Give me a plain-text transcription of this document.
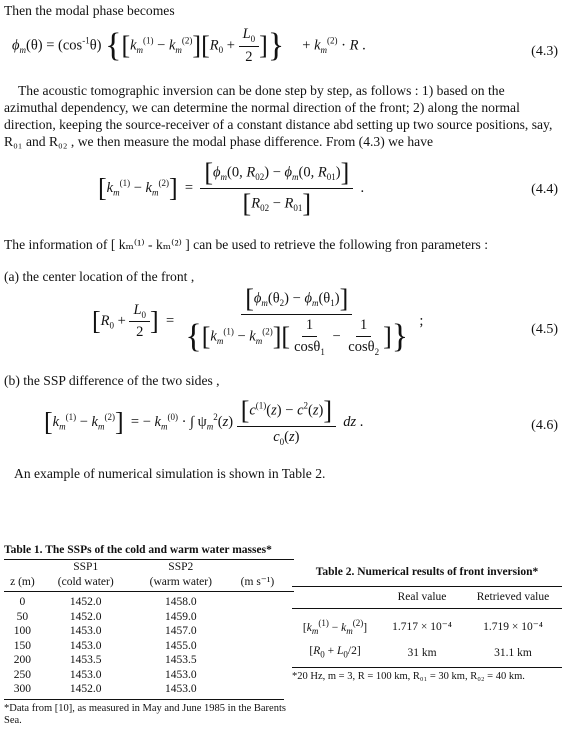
Then the modal phase becomes
$\phi_m(\theta) = (\cos^{-1}\theta) \{[k_m^{(1)} - k_m^{(2)}][R_0 + \frac{L_0}{2}$ ]}     + $k_m^{(2)} \cdot R$ .	(4.3)
The acoustic tomographic inversion can be done step by step, as follows : 1) based on the azimuthal dependency, we can determine the normal direction of the front; 2) along the normal direction, keeping the source-receiver of a constant distance abd setting up two source positions, say, R₀₁ and R₀₂ , we then measure the modal phase difference. From (4.3) we have
$[k_m^{(1)} - k_m^{(2)}] = \frac{[\phi_m(0, R_{02}) - \phi_m(0, R_{01})]}{[R_{02} - R_{01}]}$ .	(4.4)
The information of [ kₘ⁽¹⁾ - kₘ⁽²⁾ ] can be used to retrieve the following fron parameters :
(a) the center location of the front ,
[$R_0 + \frac{L_0}{2}$ ]  = $\frac{[\phi_m(\theta_2) - \phi_m(\theta_1)]}{\{[k_m^{(1)} - k_m^{(2)}][ \frac{1}{\cos\theta_1} - \frac{1}{\cos\theta_2} ]\}}$ ;
(4.5)
(b) the SSP difference of the two sides ,
$[k_m^{(1)} - k_m^{(2)}]$  = − $k_m^{(0)}$ · ∫ $\psi_m^2(z) \frac{[c^{(1)}(z) - c^2(z)]}{c_0(z)}$ dz .	(4.6)
An example of numerical simulation is shown in Table 2.
Table 1. The SSPs of the cold and warm water masses*
	SSP1	SSP2	
z (m)	(cold water)	(warm water)	(m s⁻¹)
0	1452.0	1458.0	
50	1452.0	1459.0	
100	1453.0	1457.0	
150	1453.0	1455.0	
200	1453.5	1453.5	
250	1453.0	1453.0	
300	1452.0	1453.0	
*Data from [10], as measured in May and June 1985 in the Barents Sea.
Table 2. Numerical results of front inversion*
	Real value	Retrieved value
$[k_m^{(1)} - k_m^{(2)}]$	1.717 × 10⁻⁴	1.719 × 10⁻⁴
$[R_0 + L_0/2]$	31 km	31.1 km
*20 Hz, m = 3, R = 100 km, R₀₁ = 30 km, R₀₂ = 40 km.
